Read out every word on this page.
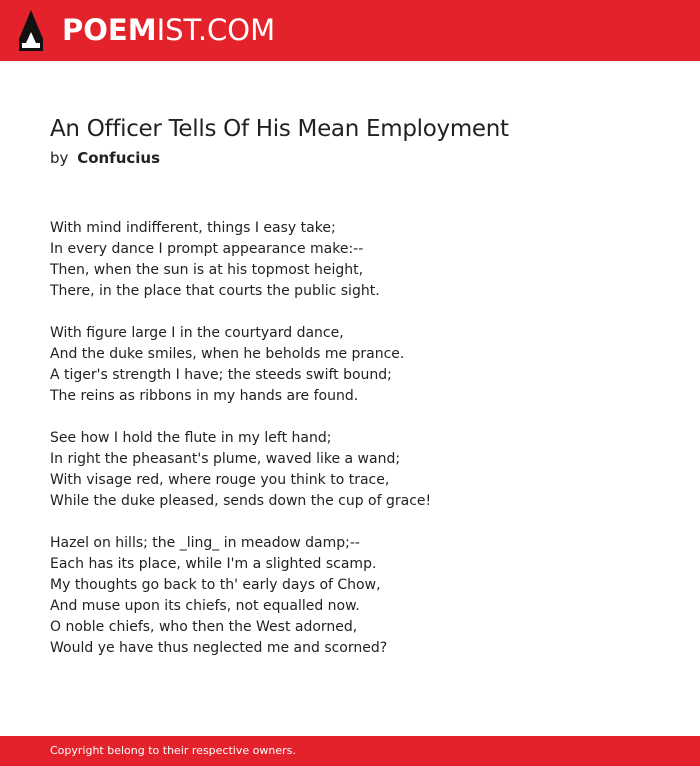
POEMIST.COM
An Officer Tells Of His Mean Employment
by Confucius
With mind indifferent, things I easy take;
In every dance I prompt appearance make:--
Then, when the sun is at his topmost height,
There, in the place that courts the public sight.
With figure large I in the courtyard dance,
And the duke smiles, when he beholds me prance.
A tiger's strength I have; the steeds swift bound;
The reins as ribbons in my hands are found.
See how I hold the flute in my left hand;
In right the pheasant's plume, waved like a wand;
With visage red, where rouge you think to trace,
While the duke pleased, sends down the cup of grace!
Hazel on hills; the _ling_ in meadow damp;--
Each has its place, while I'm a slighted scamp.
My thoughts go back to th' early days of Chow,
And muse upon its chiefs, not equalled now.
O noble chiefs, who then the West adorned,
Would ye have thus neglected me and scorned?
Copyright belong to their respective owners.
